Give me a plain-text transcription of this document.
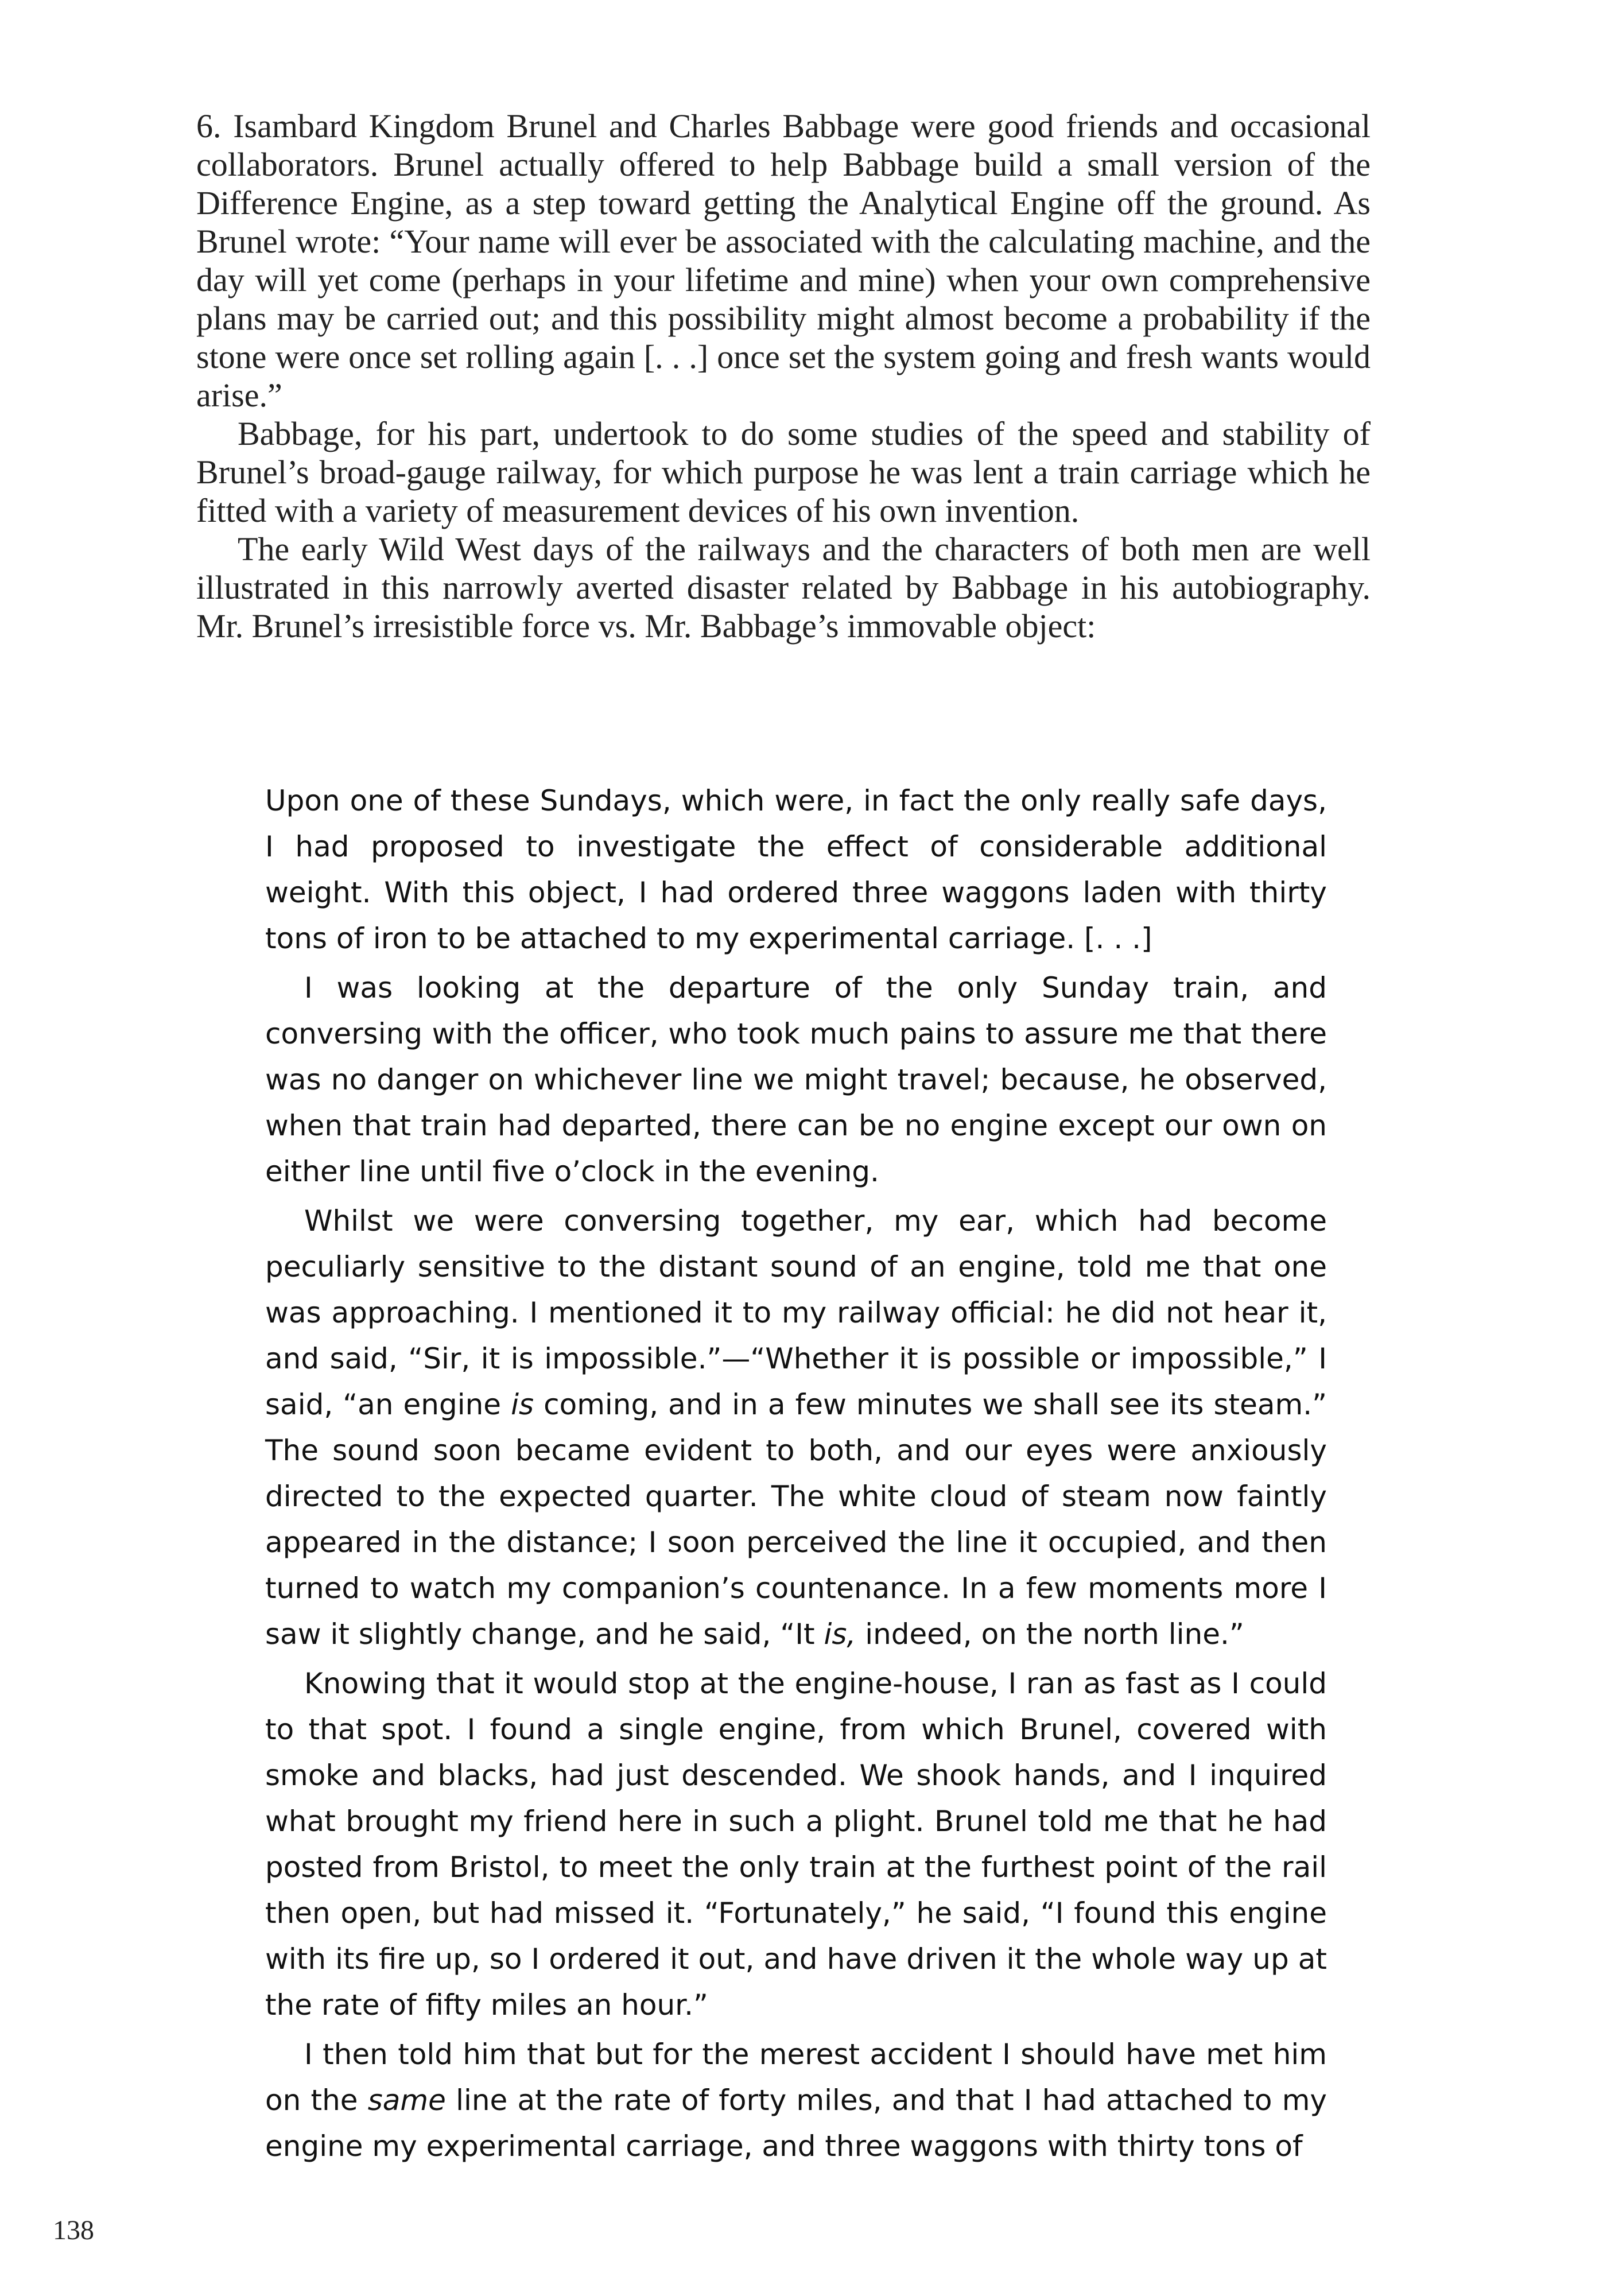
6. Isambard Kingdom Brunel and Charles Babbage were good friends and occasional collaborators. Brunel actually offered to help Babbage build a small version of the Difference Engine, as a step toward getting the Analytical Engine off the ground. As Brunel wrote: “Your name will ever be associated with the calculating machine, and the day will yet come (perhaps in your lifetime and mine) when your own comprehensive plans may be carried out; and this possibility might almost become a probability if the stone were once set rolling again [. . .] once set the system going and fresh wants would arise.”

Babbage, for his part, undertook to do some studies of the speed and stability of Brunel’s broad-gauge railway, for which purpose he was lent a train carriage which he fitted with a variety of measurement devices of his own invention.

The early Wild West days of the railways and the characters of both men are well illustrated in this narrowly averted disaster related by Babbage in his autobiography. Mr. Brunel’s irresistible force vs. Mr. Babbage’s immovable object:

Upon one of these Sundays, which were, in fact the only really safe days, I had proposed to investigate the effect of considerable additional weight. With this object, I had ordered three waggons laden with thirty tons of iron to be attached to my experimental carriage. [. . .]

I was looking at the departure of the only Sunday train, and conversing with the officer, who took much pains to assure me that there was no danger on whichever line we might travel; because, he observed, when that train had departed, there can be no engine except our own on either line until five o’clock in the evening.

Whilst we were conversing together, my ear, which had become peculiarly sensitive to the distant sound of an engine, told me that one was approaching. I mentioned it to my railway official: he did not hear it, and said, “Sir, it is impossible.”—“Whether it is possible or impossible,” I said, “an engine is coming, and in a few minutes we shall see its steam.” The sound soon became evident to both, and our eyes were anxiously directed to the expected quarter. The white cloud of steam now faintly appeared in the distance; I soon perceived the line it occupied, and then turned to watch my companion’s countenance. In a few moments more I saw it slightly change, and he said, “It is, indeed, on the north line.”

Knowing that it would stop at the engine-house, I ran as fast as I could to that spot. I found a single engine, from which Brunel, covered with smoke and blacks, had just descended. We shook hands, and I inquired what brought my friend here in such a plight. Brunel told me that he had posted from Bristol, to meet the only train at the furthest point of the rail then open, but had missed it. “Fortunately,” he said, “I found this engine with its fire up, so I ordered it out, and have driven it the whole way up at the rate of fifty miles an hour.”

I then told him that but for the merest accident I should have met him on the same line at the rate of forty miles, and that I had attached to my engine my experimental carriage, and three waggons with thirty tons of

138
